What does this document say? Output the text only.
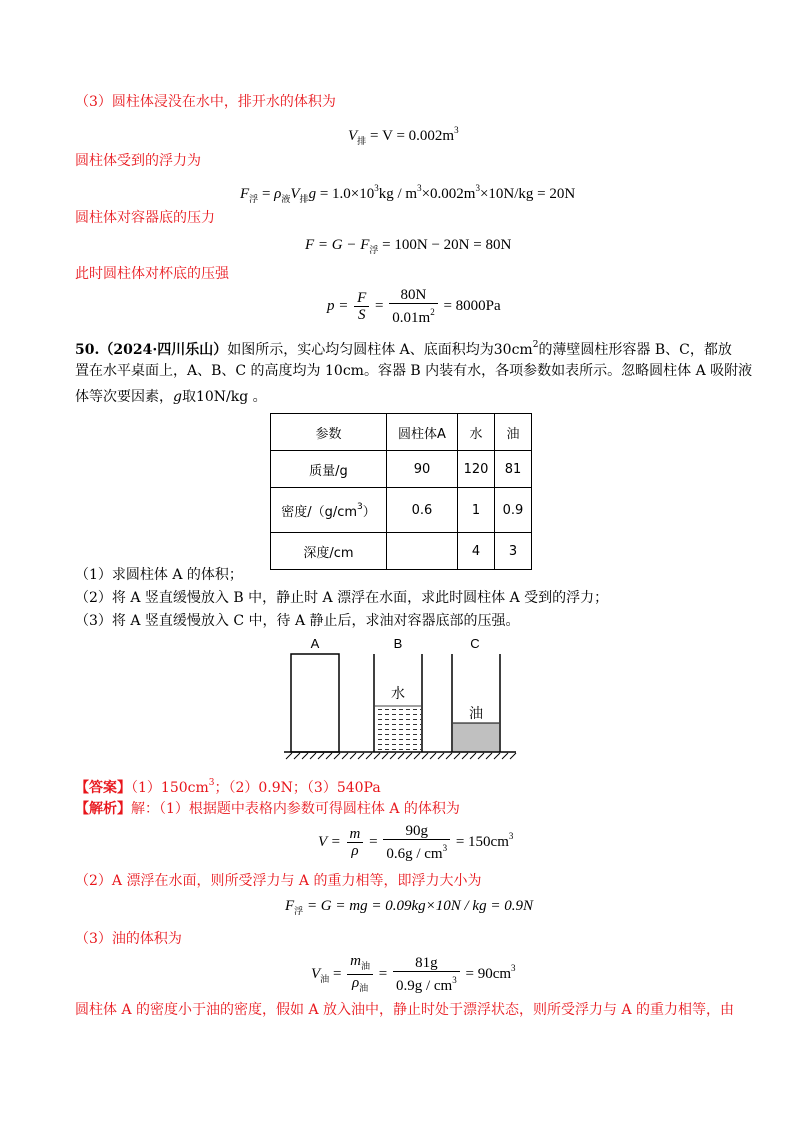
（3）圆柱体浸没在水中，排开水的体积为
$V_排 = V = 0.002m^3$
圆柱体受到的浮力为
$F_浮 = \rho_液V_排g = 1.0\times 10^3kg / m^3\times 0.002m^3\times 10N/kg = 20N$
圆柱体对容器底的压力
$F = G - F_浮 = 100N - 20N = 80N$
此时圆柱体对杯底的压强
$p = \frac{F}{S} = \frac{80N}{0.01m^2} = 8000Pa$
50.（2024·四川乐山）如图所示，实心均匀圆柱体 A、底面积均为$30cm^2$的薄壁圆柱形容器 B、C，都放
置在水平桌面上，A、B、C 的高度均为 10cm。容器 B 内装有水，各项参数如表所示。忽略圆柱体 A 吸附液
体等次要因素，g取10N/kg 。
参数	圆柱体A	水	油
质量/g	90	120	81
密度$/(g/cm^3)$	0.6	1	0.9
深度/cm		4	3
（1）求圆柱体 A 的体积；
（2）将 A 竖直缓慢放入 B 中，静止时 A 漂浮在水面，求此时圆柱体 A 受到的浮力；
（3）将 A 竖直缓慢放入 C 中，待 A 静止后，求油对容器底部的压强。
A	B	C
水
油
【答案】$(1)150cm^3$；（2）0.9N；（3）540Pa
【解析】解：（1）根据题中表格内参数可得圆柱体 A 的体积为
$V = \frac{m}{\rho} = \frac{90g}{0.6g / cm^3} = 150cm^3$
（2）A 漂浮在水面，则所受浮力与 A 的重力相等，即浮力大小为
$F_浮 = G$ = mg = 0.09kg×10N / kg = 0.9N
（3）油的体积为
$V_油 = \frac{m_油}{\rho_油} = \frac{81g}{0.9g / cm^3} = 90cm^3$
圆柱体 A 的密度小于油的密度，假如 A 放入油中，静止时处于漂浮状态，则所受浮力与 A 的重力相等，由
